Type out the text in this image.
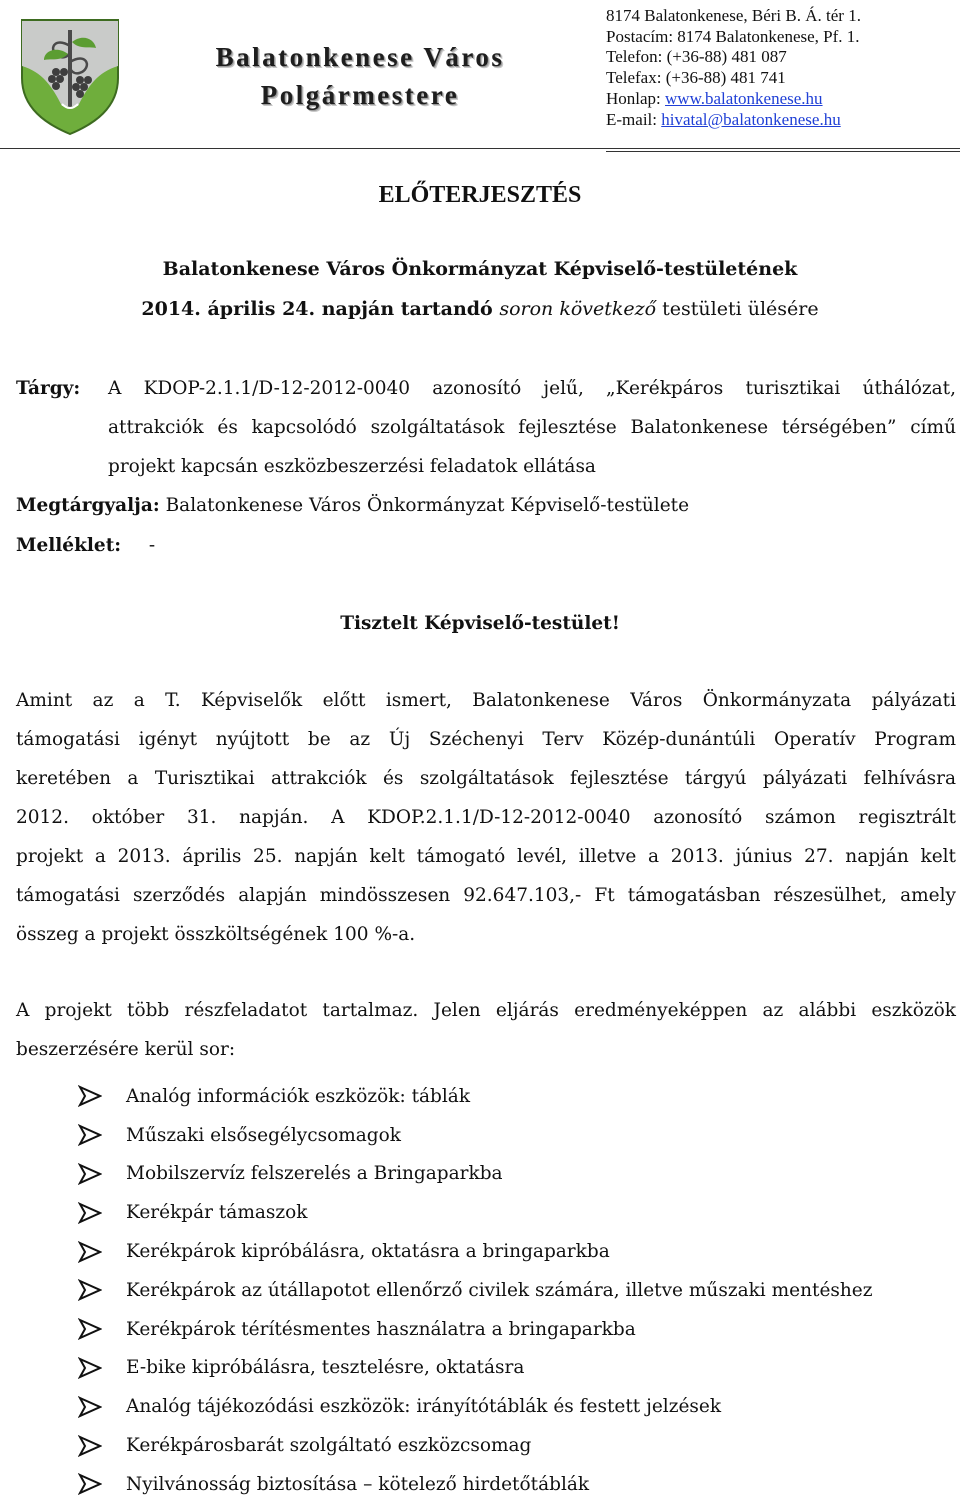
Balatonkenese Város
Polgármestere
8174 Balatonkenese, Béri B. Á. tér 1.
Postacím: 8174 Balatonkenese, Pf. 1.
Telefon: (+36-88) 481 087
Telefax: (+36-88) 481 741
Honlap: www.balatonkenese.hu
E-mail: hivatal@balatonkenese.hu
ELŐTERJESZTÉS
Balatonkenese Város Önkormányzat Képviselő-testületének
2014. április 24. napján tartandó soron következő testületi ülésére
Tárgy: A KDOP-2.1.1/D-12-2012-0040 azonosító jelű, „Kerékpáros turisztikai úthálózat,
attrakciók és kapcsolódó szolgáltatások fejlesztése Balatonkenese térségében” című
projekt kapcsán eszközbeszerzési feladatok ellátása
Megtárgyalja: Balatonkenese Város Önkormányzat Képviselő-testülete
Melléklet: -
Tisztelt Képviselő-testület!
Amint az a T. Képviselők előtt ismert, Balatonkenese Város Önkormányzata pályázati
támogatási igényt nyújtott be az Új Széchenyi Terv Közép-dunántúli Operatív Program
keretében a Turisztikai attrakciók és szolgáltatások fejlesztése tárgyú pályázati felhívásra
2012. október 31. napján. A KDOP.2.1.1/D-12-2012-0040 azonosító számon regisztrált
projekt a 2013. április 25. napján kelt támogató levél, illetve a 2013. június 27. napján kelt
támogatási szerződés alapján mindösszesen 92.647.103,- Ft támogatásban részesülhet, amely
összeg a projekt összköltségének 100 %-a.
A projekt több részfeladatot tartalmaz. Jelen eljárás eredményeképpen az alábbi eszközök
beszerzésére kerül sor:
Analóg információk eszközök: táblák
Műszaki elsősegélycsomagok
Mobilszervíz felszerelés a Bringaparkba
Kerékpár támaszok
Kerékpárok kipróbálásra, oktatásra a bringaparkba
Kerékpárok az útállapotot ellenőrző civilek számára, illetve műszaki mentéshez
Kerékpárok térítésmentes használatra a bringaparkba
E-bike kipróbálásra, tesztelésre, oktatásra
Analóg tájékozódási eszközök: irányítótáblák és festett jelzések
Kerékpárosbarát szolgáltató eszközcsomag
Nyilvánosság biztosítása – kötelező hirdetőtáblák
